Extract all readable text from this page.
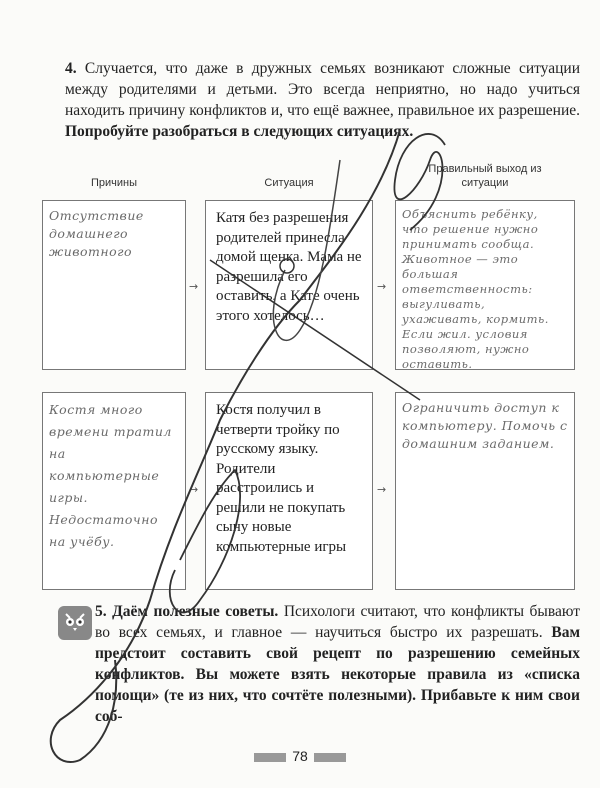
4. Случается, что даже в дружных семьях возникают сложные ситуации между родителями и детьми. Это всегда неприятно, но надо учиться находить причину конфликтов и, что ещё важнее, правильное их разрешение. Попробуйте разобраться в следующих ситуациях.
Причины	Ситуация
Правильный выход из ситуации
Отсутствие домашнего животного
→
Катя без разрешения родителей принесла домой щенка. Мама не разрешила его оставить, а Кате очень этого хотелось…
→
Объяснить ребёнку, что решение нужно принимать сообща. Животное — это большая ответственность: выгуливать, ухаживать, кормить. Если жил. условия позволяют, нужно оставить.
Костя много времени тратил на компьютерные игры. Недостаточно на учёбу.
→
Костя получил в четверти тройку по русскому языку. Родители расстроились и решили не покупать сыну новые компьютерные игры
→
Ограничить доступ к компьютеру. Помочь с домашним заданием.
5. Даём полезные советы. Психологи считают, что конфликты бывают во всех семьях, и главное — научиться быстро их разрешать. Вам предстоит составить свой рецепт по разрешению семейных конфликтов. Вы можете взять некоторые правила из «списка помощи» (те из них, что сочтёте полезными). Прибавьте к ним свои соб-
78
